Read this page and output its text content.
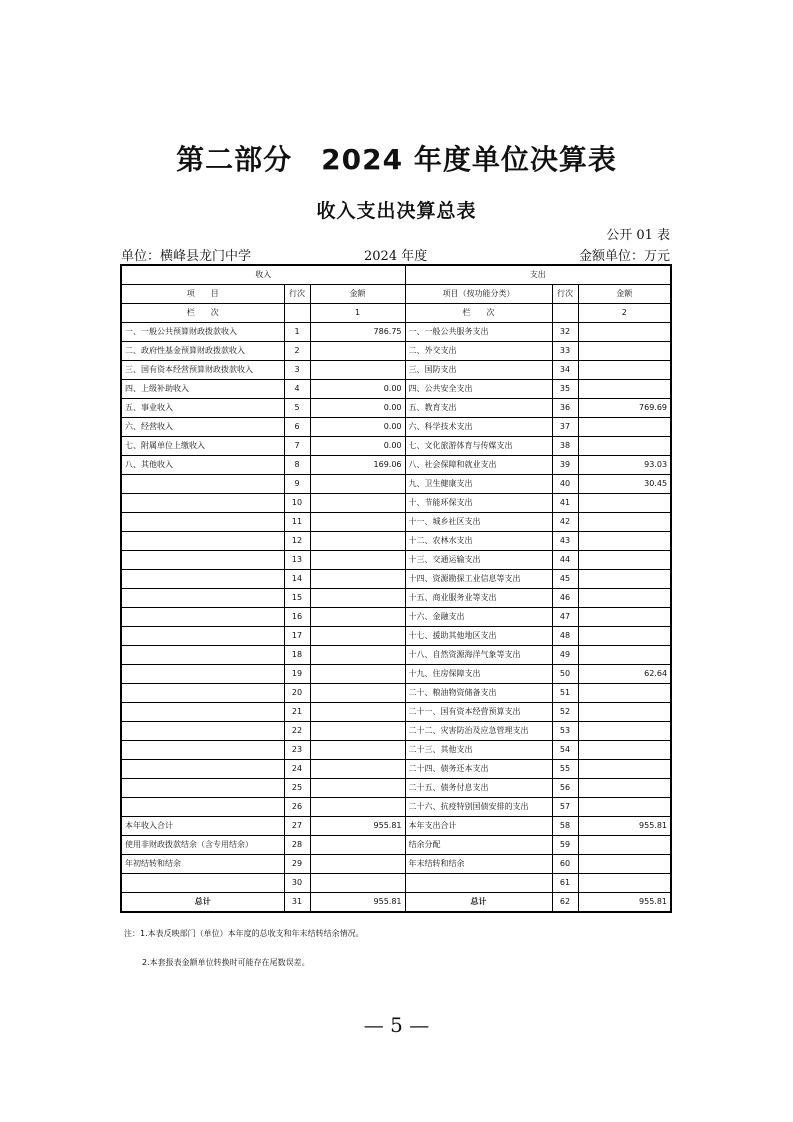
第二部分　2024 年度单位决算表
收入支出决算总表
公开 01 表
单位：横峰县龙门中学	2024 年度	金额单位：万元
收入			支出		
项　　目	行次	金额	项目（按功能分类）	行次	金额
栏　　次		1	栏　　次		2
一、一般公共预算财政拨款收入	1	786.75	一、一般公共服务支出	32	
二、政府性基金预算财政拨款收入	2		二、外交支出	33	
三、国有资本经营预算财政拨款收入	3		三、国防支出	34	
四、上级补助收入	4	0.00	四、公共安全支出	35	
五、事业收入	5	0.00	五、教育支出	36	769.69
六、经营收入	6	0.00	六、科学技术支出	37	
七、附属单位上缴收入	7	0.00	七、文化旅游体育与传媒支出	38	
八、其他收入	8	169.06	八、社会保障和就业支出	39	93.03
	9		九、卫生健康支出	40	30.45
	10		十、节能环保支出	41	
	11		十一、城乡社区支出	42	
	12		十二、农林水支出	43	
	13		十三、交通运输支出	44	
	14		十四、资源勘探工业信息等支出	45	
	15		十五、商业服务业等支出	46	
	16		十六、金融支出	47	
	17		十七、援助其他地区支出	48	
	18		十八、自然资源海洋气象等支出	49	
	19		十九、住房保障支出	50	62.64
	20		二十、粮油物资储备支出	51	
	21		二十一、国有资本经营预算支出	52	
	22		二十二、灾害防治及应急管理支出	53	
	23		二十三、其他支出	54	
	24		二十四、债务还本支出	55	
	25		二十五、债务付息支出	56	
	26		二十六、抗疫特别国债安排的支出	57	
本年收入合计	27	955.81	本年支出合计	58	955.81
使用非财政拨款结余（含专用结余）	28		结余分配	59	
年初结转和结余	29		年末结转和结余	60	
	30			61	
总计	31	955.81	总计	62	955.81
注：1.本表反映部门（单位）本年度的总收支和年末结转结余情况。
2.本套报表金额单位转换时可能存在尾数误差。
— 5 —
